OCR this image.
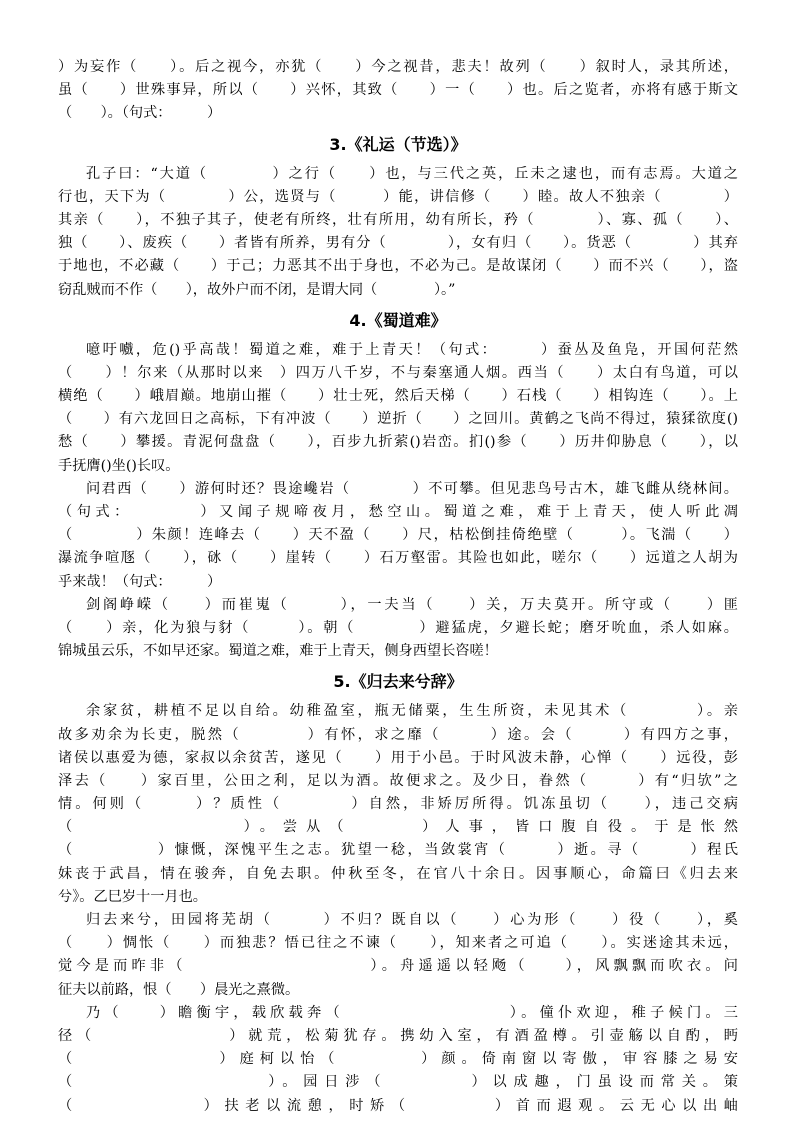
）为妄作（　　）。后之视今，亦犹（　　）今之视昔，悲夫！故列（　　）叙时人，录其所述，
虽（　　）世殊事异，所以（　　）兴怀，其致（　　）一（　　）也。后之览者，亦将有感于斯文
（　　）。（句式：　　　）
3.《礼运（节选）》
孔子曰：“大道（　　　　）之行（　　）也，与三代之英，丘未之逮也，而有志焉。大道之
行也，天下为（　　　　）公，选贤与（　　　）能，讲信修（　　）睦。故人不独亲（　　　　）
其亲（　　），不独子其子，使老有所终，壮有所用，幼有所长，矜（　　　　）、寡、孤（　　）、
独（　　）、废疾（　　）者皆有所养，男有分（　　　　），女有归（　　）。货恶（　　　　）其弃
于地也，不必藏（　　）于己；力恶其不出于身也，不必为己。是故谋闭（　　）而不兴（　　），盗
窃乱贼而不作（　　），故外户而不闭，是谓大同（　　　　）。”
4.《蜀道难》
噫吁嚱，危()乎高哉！蜀道之难，难于上青天！（句式：　　　）蚕丛及鱼凫，开国何茫然
（　　）！尔来（从那时以来　）四万八千岁，不与秦塞通人烟。西当（　　）太白有鸟道，可以
横绝（　　）峨眉巅。地崩山摧（　　）壮士死，然后天梯（　　）石栈（　　）相钩连（　　）。上
（　　）有六龙回日之高标，下有冲波（　　）逆折（　　）之回川。黄鹤之飞尚不得过，猿猱欲度()
愁（　　）攀援。青泥何盘盘（　　），百步九折萦()岩峦。扪()参（　　）历井仰胁息（　　），以
手抚膺()坐()长叹。
问君西（　　）游何时还？畏途巉岩（　　　　）不可攀。但见悲鸟号古木，雄飞雌从绕林间。
（句式：　　　　）又闻子规啼夜月，愁空山。蜀道之难，难于上青天，使人听此凋
（　　　　）朱颜！连峰去（　　）天不盈（　　）尺，枯松倒挂倚绝壁（　　　）。飞湍（　　）
瀑流争喧豗（　　），砯（　　）崖转（　　）石万壑雷。其险也如此，嗟尔（　　）远道之人胡为
乎来哉！（句式：　　　）
剑阁峥嵘（　　）而崔嵬（　　　），一夫当（　　）关，万夫莫开。所守或（　　）匪
（　　）亲，化为狼与豺（　　　）。朝（　　　　）避猛虎，夕避长蛇；磨牙吮血，杀人如麻。
锦城虽云乐，不如早还家。蜀道之难，难于上青天，侧身西望长咨嗟！
5.《归去来兮辞》
余家贫，耕植不足以自给。幼稚盈室，瓶无储粟，生生所资，未见其术（　　　　）。亲
故多劝余为长吏，脱然（　　　　）有怀，求之靡（　　　）途。会（　　　）有四方之事，
诸侯以惠爱为德，家叔以余贫苦，遂见（　　）用于小邑。于时风波未静，心惮（　　）远役，彭
泽去（　　）家百里，公田之利，足以为酒。故便求之。及少日，眷然（　　　）有“归欤”之
情。何则（　　　）？质性（　　　　）自然，非矫厉所得。饥冻虽切（　　），违己交病
（　　　　　　　）。尝从（　　　）人事，皆口腹自役。于是怅然
（　　　　　）慷慨，深愧平生之志。犹望一稔，当敛裳宵（　　　）逝。寻（　　　）程氏
妹丧于武昌，情在骏奔，自免去职。仲秋至冬，在官八十余日。因事顺心，命篇曰《归去来
兮》。乙巳岁十一月也。
归去来兮，田园将芜胡（　　　）不归？既自以（　　）心为形（　　）役（　　），奚
（　　）惆怅（　　）而独悲？悟已往之不谏（　　），知来者之可追（　　）。实迷途其未远，
觉今是而昨非（　　　　　　　　　　）。舟遥遥以轻飏（　　），风飘飘而吹衣。问
征夫以前路，恨（　　）晨光之熹微。
乃（　　）瞻衡宇，载欣载奔（　　　　　　　　　）。僮仆欢迎，稚子候门。三
径（　　　　　　　）就荒，松菊犹存。携幼入室，有酒盈樽。引壶觞以自酌，眄
（　　　　　　　）庭柯以怡（　　　　）颜。倚南窗以寄傲，审容膝之易安
（　　　　　　　　　）。园日涉（　　　　）以成趣，门虽设而常关。策
（　　　　　　）扶老以流憩，时矫（　　　　）首而遐观。云无心以出岫
